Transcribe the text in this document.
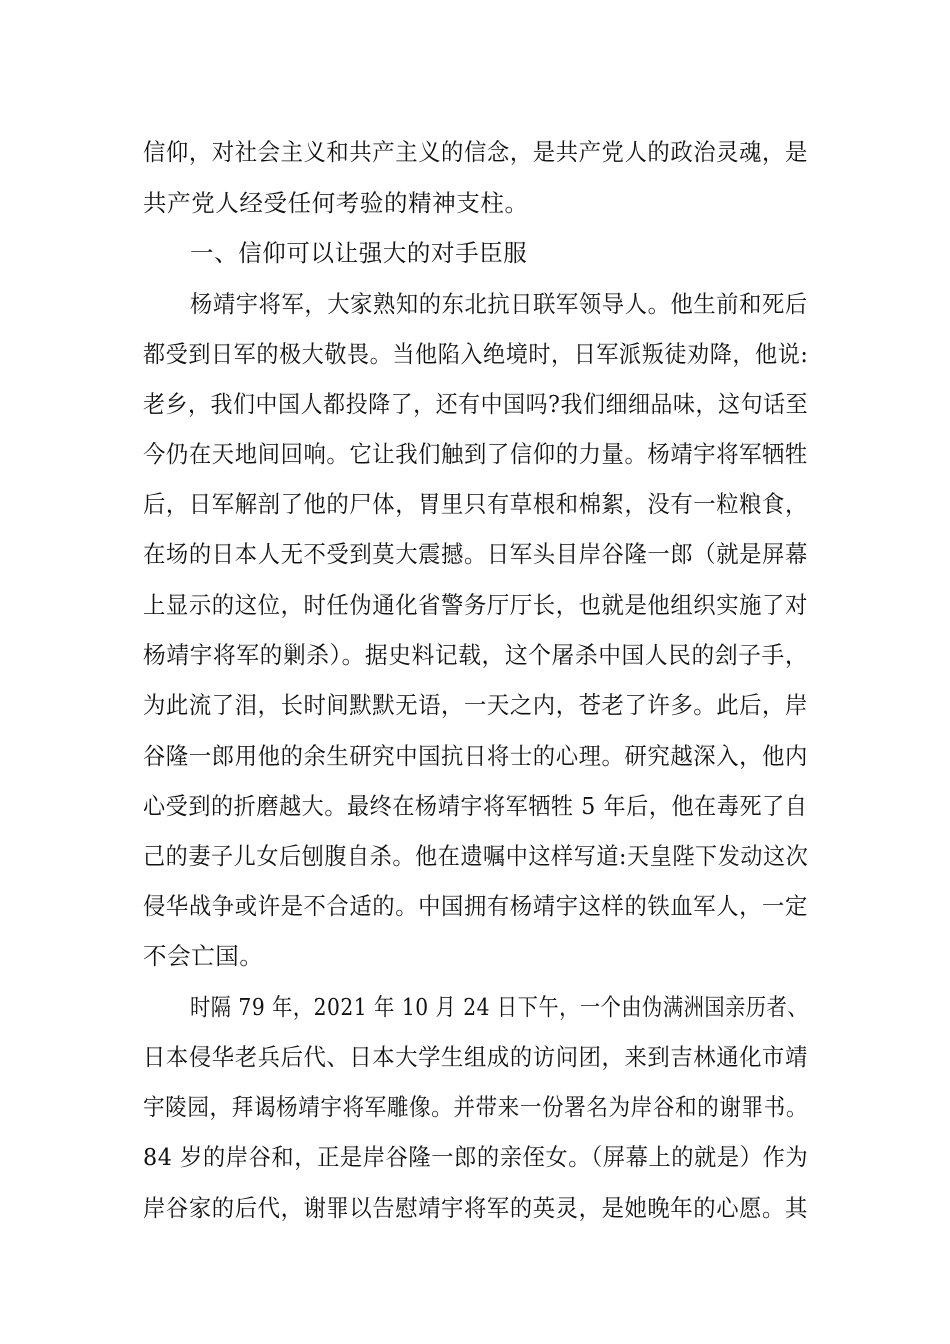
信仰，对社会主义和共产主义的信念，是共产党人的政治灵魂，是
共产党人经受任何考验的精神支柱。
一、信仰可以让强大的对手臣服
杨靖宇将军，大家熟知的东北抗日联军领导人。他生前和死后
都受到日军的极大敬畏。当他陷入绝境时，日军派叛徒劝降，他说:
老乡，我们中国人都投降了，还有中国吗?我们细细品味，这句话至
今仍在天地间回响。它让我们触到了信仰的力量。杨靖宇将军牺牲
后，日军解剖了他的尸体，胃里只有草根和棉絮，没有一粒粮食，
在场的日本人无不受到莫大震撼。日军头目岸谷隆一郎（就是屏幕
上显示的这位，时任伪通化省警务厅厅长，也就是他组织实施了对
杨靖宇将军的剿杀）。据史料记载，这个屠杀中国人民的刽子手，
为此流了泪，长时间默默无语，一天之内，苍老了许多。此后，岸
谷隆一郎用他的余生研究中国抗日将士的心理。研究越深入，他内
心受到的折磨越大。最终在杨靖宇将军牺牲 5 年后，他在毒死了自
己的妻子儿女后刨腹自杀。他在遗嘱中这样写道:天皇陛下发动这次
侵华战争或许是不合适的。中国拥有杨靖宇这样的铁血军人，一定
不会亡国。
时隔 79 年，2021 年 10 月 24 日下午，一个由伪满洲国亲历者、
日本侵华老兵后代、日本大学生组成的访问团，来到吉林通化市靖
宇陵园，拜谒杨靖宇将军雕像。并带来一份署名为岸谷和的谢罪书。
84 岁的岸谷和，正是岸谷隆一郎的亲侄女。（屏幕上的就是）作为
岸谷家的后代，谢罪以告慰靖宇将军的英灵，是她晚年的心愿。其
